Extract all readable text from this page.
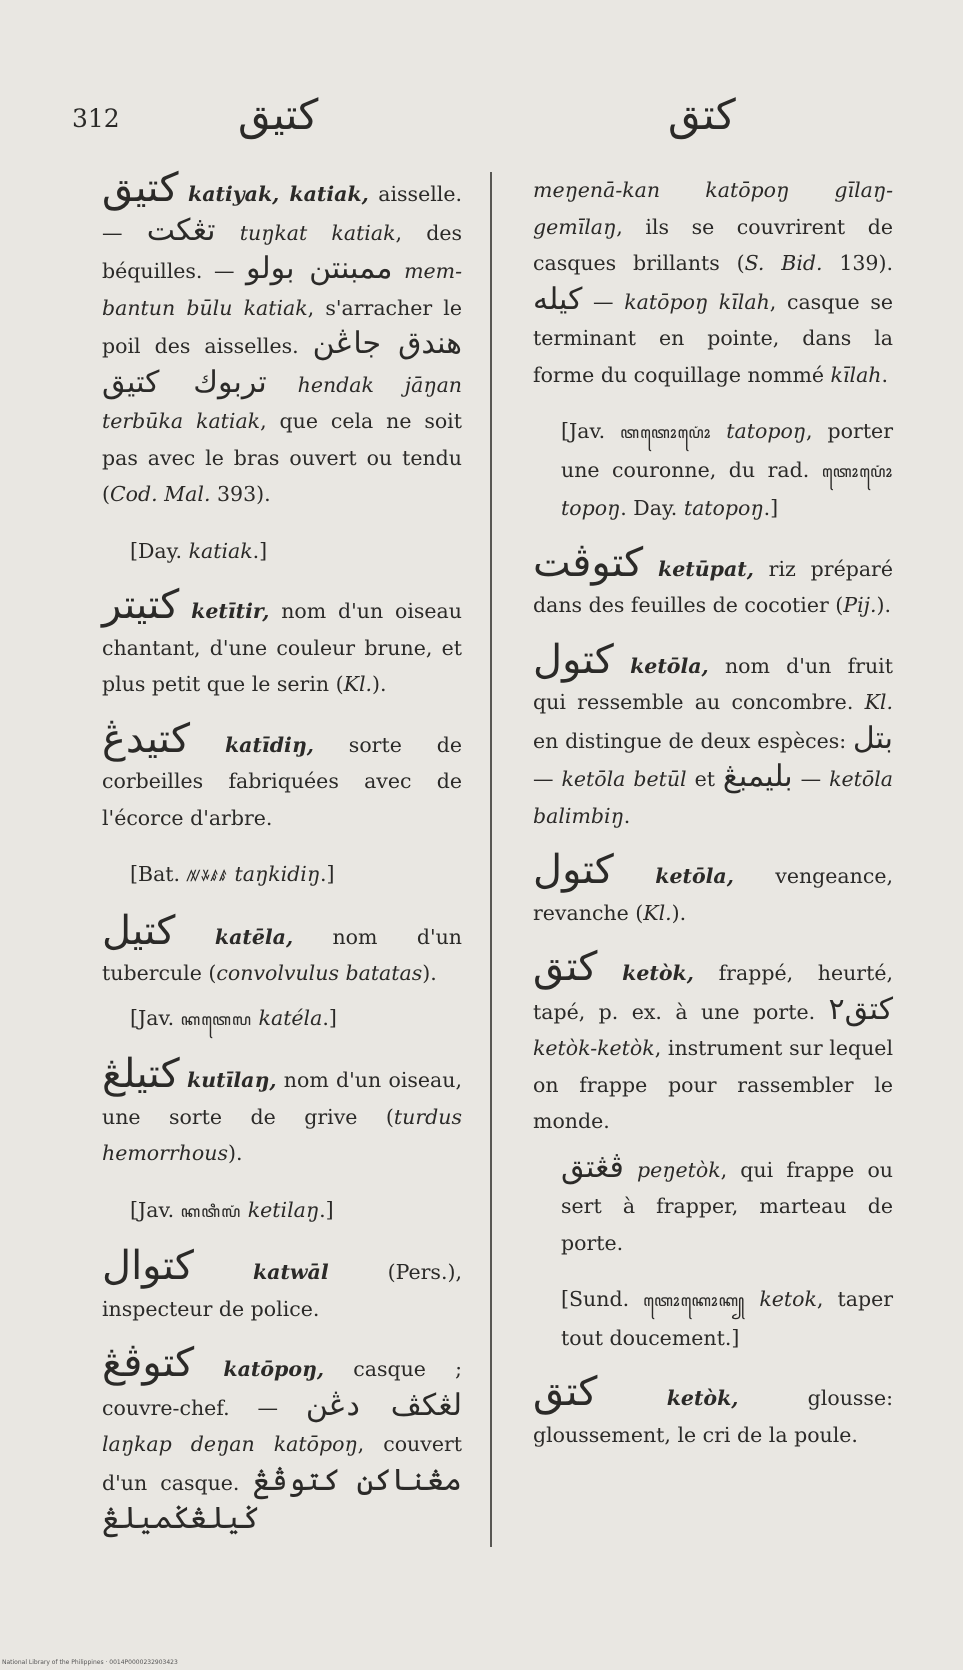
312	كتيق	كتق

كتيق katiyak, katiak, aisselle. — تڠكت tuŋkat katiak, des béquilles. — ممبنتن بولو mem-bantun būlu katiak, s'arracher le poil des aisselles. هندق جاڠن تربوك كتيق hendak jāŋan terbūka katiak, que cela ne soit pas avec le bras ouvert ou tendu (Cod. Mal. 393).

[Day. katiak.]

كتيتر ketītir, nom d'un oiseau chantant, d'une couleur brune, et plus petit que le serin (Kl.).

كتيدڠ katīdiŋ, sorte de corbeilles fabriquées avec de l'écorce d'arbre.

[Bat. ꤲꤸꤹꤹ taŋkidiŋ.]

كتيل katēla, nom d'un tubercule (convolvulus batatas).

[Jav. ꦏꦠꦺꦭ katéla.]

كتيلڠ kutīlaŋ, nom d'un oiseau, une sorte de grive (turdus hemorrhous).

[Jav. ꦏꦠꦶꦭꦁ ketilaŋ.]

كتوال	katwāl (Pers.), inspecteur de police.

كتوڤڠ katōpoŋ, casque ; couvre-chef. — لڠكڤ دڠن laŋkap deŋan katōpoŋ, couvert d'un casque. مڠناكن كتوڤڠ ݢيلڠݢميلڠ

meŋenā-kan katōpoŋ gīlaŋ-gemīlaŋ, ils se couvrirent de casques brillants (S. Bid. 139). كيله — katōpoŋ kīlah, casque se terminant en pointe, dans la forme du coquillage nommé kīlah.

[Jav. ꦠꦠꦺꦴꦥꦺꦴꦁ tatopoŋ, porter une couronne, du rad. ꦠꦺꦴꦥꦺꦴꦁ topoŋ. Day. tatopoŋ.]

كتوڤت ketūpat, riz préparé dans des feuilles de cocotier (Pij.).

كتول ketōla, nom d'un fruit qui ressemble au concombre. Kl. en distingue de deux espèces: بتل — ketōla betūl et بليمبڠ — ketōla balimbiŋ.

كتول ketōla, vengeance, revanche (Kl.).

كتق ketòk, frappé, heurté, tapé, p. ex. à une porte. كتق٢ ketòk-ketòk, instrument sur lequel on frappe pour rassembler le monde.

ڤڠتق peŋetòk, qui frappe ou sert à frapper, marteau de porte.

[Sund. ꦠꦺꦴꦏꦺꦴꦏ꧀ ketok, taper tout doucement.]

كتق	ketòk, glousse: gloussement, le cri de la poule.

National Library of the Philippines · 0014P0000232903423
